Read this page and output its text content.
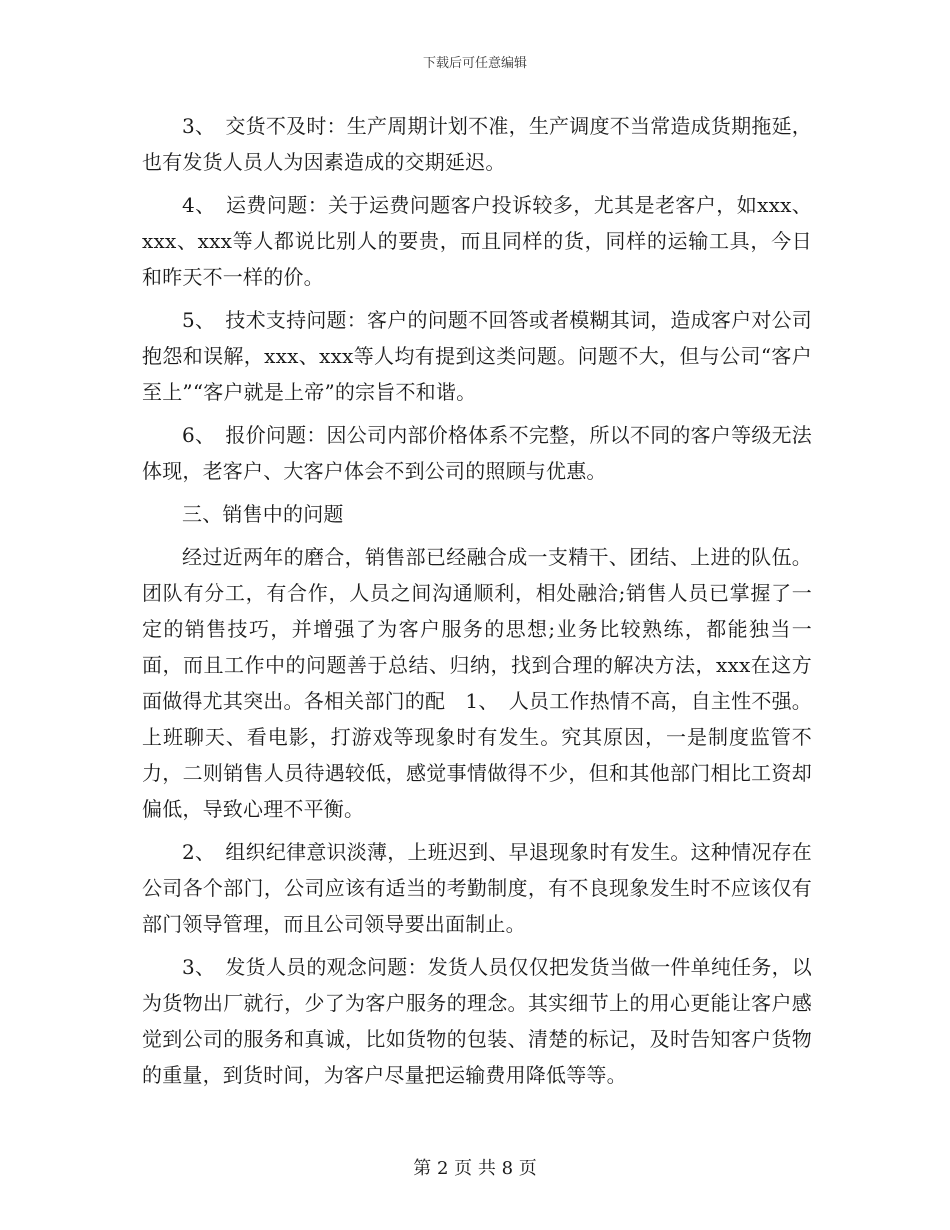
下载后可任意编辑

3、　交货不及时：生产周期计划不准，生产调度不当常造成货期拖延，也有发货人员人为因素造成的交期延迟。

4、　运费问题：关于运费问题客户投诉较多，尤其是老客户，如xxx、xxx、xxx等人都说比别人的要贵，而且同样的货，同样的运输工具，今日和昨天不一样的价。

5、　技术支持问题：客户的问题不回答或者模糊其词，造成客户对公司抱怨和误解，xxx、xxx等人均有提到这类问题。问题不大，但与公司“客户至上”“客户就是上帝”的宗旨不和谐。

6、　报价问题：因公司内部价格体系不完整，所以不同的客户等级无法体现，老客户、大客户体会不到公司的照顾与优惠。

三、销售中的问题

经过近两年的磨合，销售部已经融合成一支精干、团结、上进的队伍。团队有分工，有合作，人员之间沟通顺利，相处融洽;销售人员已掌握了一定的销售技巧，并增强了为客户服务的思想;业务比较熟练，都能独当一面，而且工作中的问题善于总结、归纳，找到合理的解决方法，xxx在这方面做得尤其突出。各相关部门的配　1、　人员工作热情不高，自主性不强。上班聊天、看电影，打游戏等现象时有发生。究其原因，一是制度监管不力，二则销售人员待遇较低，感觉事情做得不少，但和其他部门相比工资却偏低，导致心理不平衡。

2、　组织纪律意识淡薄，上班迟到、早退现象时有发生。这种情况存在公司各个部门，公司应该有适当的考勤制度，有不良现象发生时不应该仅有部门领导管理，而且公司领导要出面制止。

3、　发货人员的观念问题：发货人员仅仅把发货当做一件单纯任务，以为货物出厂就行，少了为客户服务的理念。其实细节上的用心更能让客户感觉到公司的服务和真诚，比如货物的包装、清楚的标记，及时告知客户货物的重量，到货时间，为客户尽量把运输费用降低等等。

第 2 页 共 8 页
